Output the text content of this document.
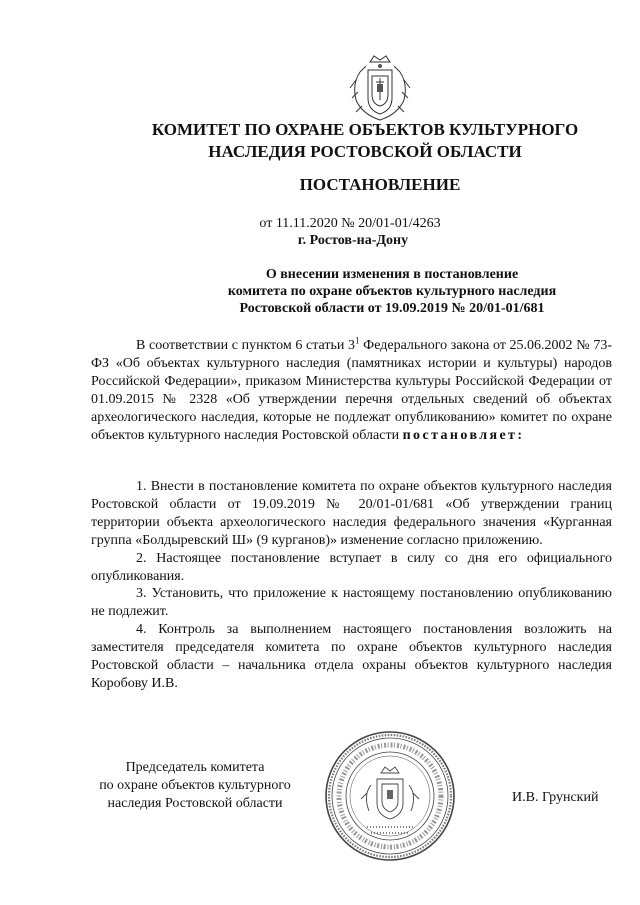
КОМИТЕТ ПО ОХРАНЕ ОБЪЕКТОВ КУЛЬТУРНОГО
НАСЛЕДИЯ РОСТОВСКОЙ ОБЛАСТИ
ПОСТАНОВЛЕНИЕ
от 11.11.2020 № 20/01-01/4263
г. Ростов-на-Дону
О внесении изменения в постановление
комитета по охране объектов культурного наследия
Ростовской области от 19.09.2019 № 20/01-01/681

В соответствии с пунктом 6 статьи $3^1$ Федерального закона от 25.06.2002 № 73-ФЗ «Об объектах культурного наследия (памятниках истории и культуры) народов Российской Федерации», приказом Министерства культуры Российской Федерации от 01.09.2015 № 2328 «Об утверждении перечня отдельных сведений об объектах археологического наследия, которые не подлежат опубликованию» комитет по охране объектов культурного наследия Ростовской области постановляет:

1. Внести в постановление комитета по охране объектов культурного наследия Ростовской области от 19.09.2019 № 20/01-01/681 «Об утверждении границ территории объекта археологического наследия федерального значения «Курганная группа «Болдыревский Ш» (9 курганов)» изменение согласно приложению.

2. Настоящее постановление вступает в силу со дня его официального опубликования.

3. Установить, что приложение к настоящему постановлению опубликованию не подлежит.

4. Контроль за выполнением настоящего постановления возложить на заместителя председателя комитета по охране объектов культурного наследия Ростовской области – начальника отдела охраны объектов культурного наследия Коробову И.В.

Председатель комитета
по охране объектов культурного
наследия Ростовской области	И.В. Грунский
